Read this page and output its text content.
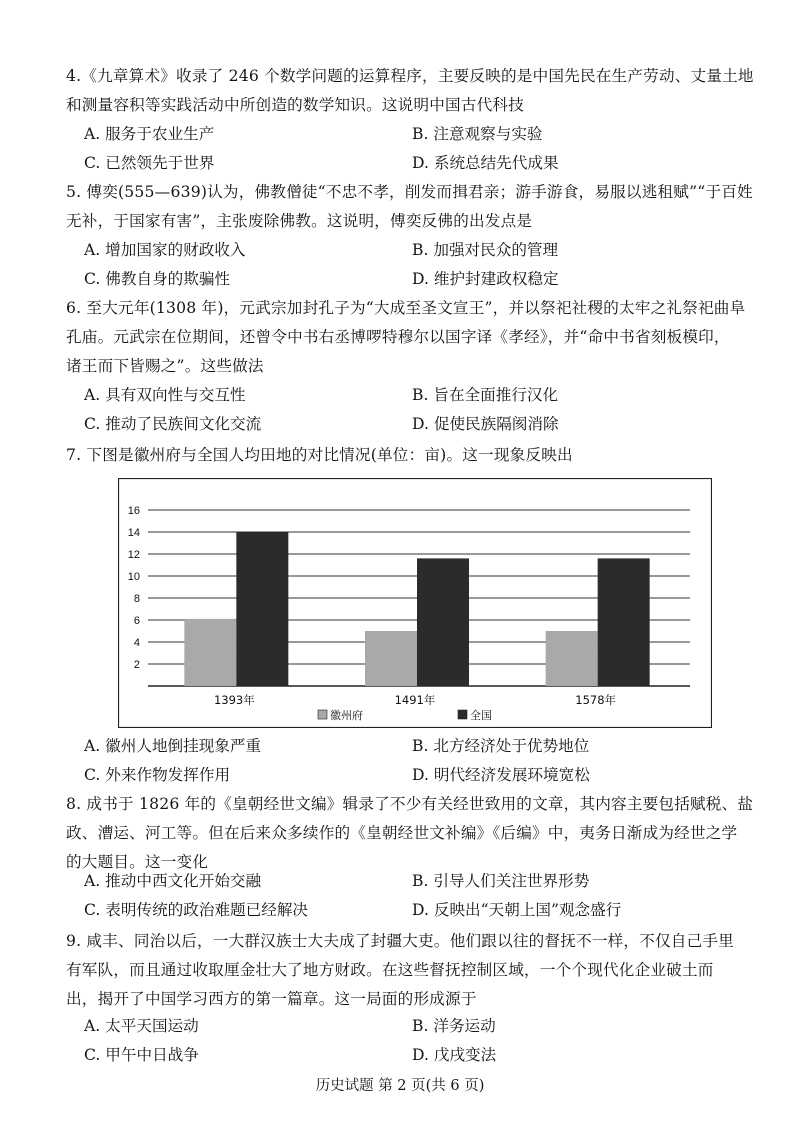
4.《九章算术》收录了 246 个数学问题的运算程序，主要反映的是中国先民在生产劳动、丈量土地
和测量容积等实践活动中所创造的数学知识。这说明中国古代科技
A. 服务于农业生产	B. 注意观察与实验
C. 已然领先于世界	D. 系统总结先代成果
5. 傅奕(555—639)认为，佛教僧徒“不忠不孝，削发而揖君亲；游手游食，易服以逃租赋”“于百姓
无补，于国家有害”，主张废除佛教。这说明，傅奕反佛的出发点是
A. 增加国家的财政收入	B. 加强对民众的管理
C. 佛教自身的欺骗性	D. 维护封建政权稳定
6. 至大元年(1308 年)，元武宗加封孔子为“大成至圣文宣王”，并以祭祀社稷的太牢之礼祭祀曲阜
孔庙。元武宗在位期间，还曾令中书右丞博啰特穆尔以国字译《孝经》，并“命中书省刻板模印，
诸王而下皆赐之”。这些做法
A. 具有双向性与交互性	B. 旨在全面推行汉化
C. 推动了民族间文化交流	D. 促使民族隔阂消除
7. 下图是徽州府与全国人均田地的对比情况(单位：亩)。这一现象反映出
2
4
6
8
10
12
14
16
1393年	1491年	1578年
徽州府	全国
A. 徽州人地倒挂现象严重	B. 北方经济处于优势地位
C. 外来作物发挥作用	D. 明代经济发展环境宽松
8. 成书于 1826 年的《皇朝经世文编》辑录了不少有关经世致用的文章，其内容主要包括赋税、盐
政、漕运、河工等。但在后来众多续作的《皇朝经世文补编》《后编》中，夷务日渐成为经世之学
的大题目。这一变化
A. 推动中西文化开始交融	B. 引导人们关注世界形势
C. 表明传统的政治难题已经解决	D. 反映出“天朝上国”观念盛行
9. 咸丰、同治以后，一大群汉族士大夫成了封疆大吏。他们跟以往的督抚不一样，不仅自己手里
有军队，而且通过收取厘金壮大了地方财政。在这些督抚控制区域，一个个现代化企业破土而
出，揭开了中国学习西方的第一篇章。这一局面的形成源于
A. 太平天国运动	B. 洋务运动
C. 甲午中日战争	D. 戊戌变法
历史试题 第 2 页(共 6 页)
